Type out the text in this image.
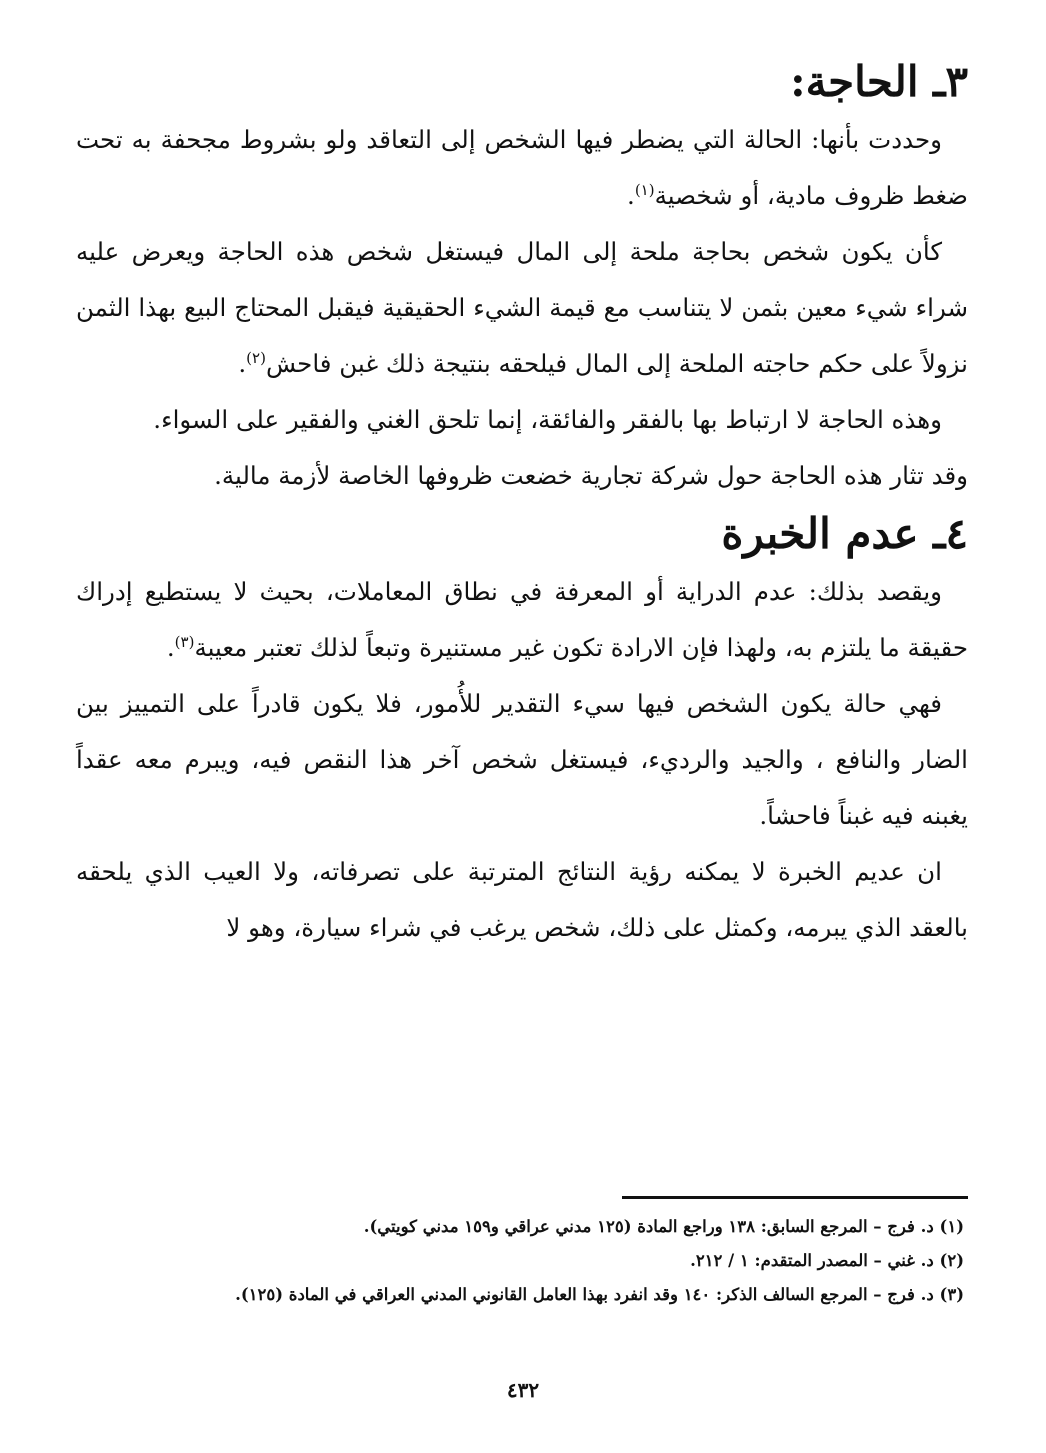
٣ـ الحاجة:

وحددت بأنها: الحالة التي يضطر فيها الشخص إلى التعاقد ولو بشروط مجحفة به تحت ضغط ظروف مادية، أو شخصية$^{(١)}$.

كأن يكون شخص بحاجة ملحة إلى المال فيستغل شخص هذه الحاجة ويعرض عليه شراء شيء معين بثمن لا يتناسب مع قيمة الشيء الحقيقية فيقبل المحتاج البيع بهذا الثمن نزولاً على حكم حاجته الملحة إلى المال فيلحقه بنتيجة ذلك غبن فاحش$^{(٢)}$.

وهذه الحاجة لا ارتباط بها بالفقر والفائقة، إنما تلحق الغني والفقير على السواء.

وقد تثار هذه الحاجة حول شركة تجارية خضعت ظروفها الخاصة لأزمة مالية.

٤ـ عدم الخبرة

ويقصد بذلك: عدم الدراية أو المعرفة في نطاق المعاملات، بحيث لا يستطيع إدراك حقيقة ما يلتزم به، ولهذا فإن الارادة تكون غير مستنيرة وتبعاً لذلك تعتبر معيبة$^{(٣)}$.

فهي حالة يكون الشخص فيها سيء التقدير للأُمور، فلا يكون قادراً على التمييز بين الضار والنافع ، والجيد والرديء، فيستغل شخص آخر هذا النقص فيه، ويبرم معه عقداً يغبنه فيه غبناً فاحشاً.

ان عديم الخبرة لا يمكنه رؤية النتائج المترتبة على تصرفاته، ولا العيب الذي يلحقه بالعقد الذي يبرمه، وكمثل على ذلك، شخص يرغب في شراء سيارة، وهو لا

(١) د. فرج – المرجع السابق: ١٣٨ وراجع المادة (١٢٥ مدني عراقي و١٥٩ مدني كويتي).
(٢) د. غني – المصدر المتقدم: ١ / ٢١٢.
(٣) د. فرج – المرجع السالف الذكر: ١٤٠ وقد انفرد بهذا العامل القانوني المدني العراقي في المادة (١٢٥).
٤٣٢
